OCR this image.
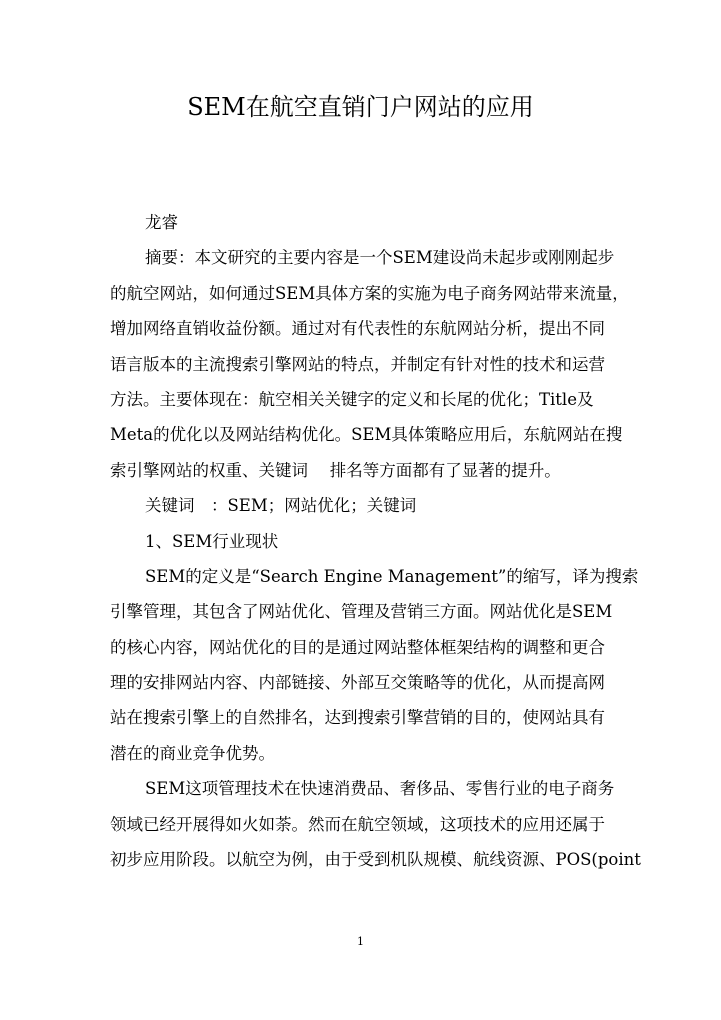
SEM在航空直销门户网站的应用
龙睿
摘要：本文研究的主要内容是一个SEM建设尚未起步或刚刚起步
的航空网站，如何通过SEM具体方案的实施为电子商务网站带来流量，
增加网络直销收益份额。通过对有代表性的东航网站分析，提出不同
语言版本的主流搜索引擎网站的特点，并制定有针对性的技术和运营
方法。主要体现在：航空相关关键字的定义和长尾的优化；Title及
Meta的优化以及网站结构优化。SEM具体策略应用后，东航网站在搜
索引擎网站的权重、关键词　 排名等方面都有了显著的提升。
关键词　：SEM；网站优化；关键词
1、SEM行业现状
SEM的定义是“Search Engine Management”的缩写，译为搜索
引擎管理，其包含了网站优化、管理及营销三方面。网站优化是SEM
的核心内容，网站优化的目的是通过网站整体框架结构的调整和更合
理的安排网站内容、内部链接、外部互交策略等的优化，从而提高网
站在搜索引擎上的自然排名，达到搜索引擎营销的目的，使网站具有
潜在的商业竞争优势。
SEM这项管理技术在快速消费品、奢侈品、零售行业的电子商务
领域已经开展得如火如荼。然而在航空领域，这项技术的应用还属于
初步应用阶段。以航空为例，由于受到机队规模、航线资源、POS(point
1
